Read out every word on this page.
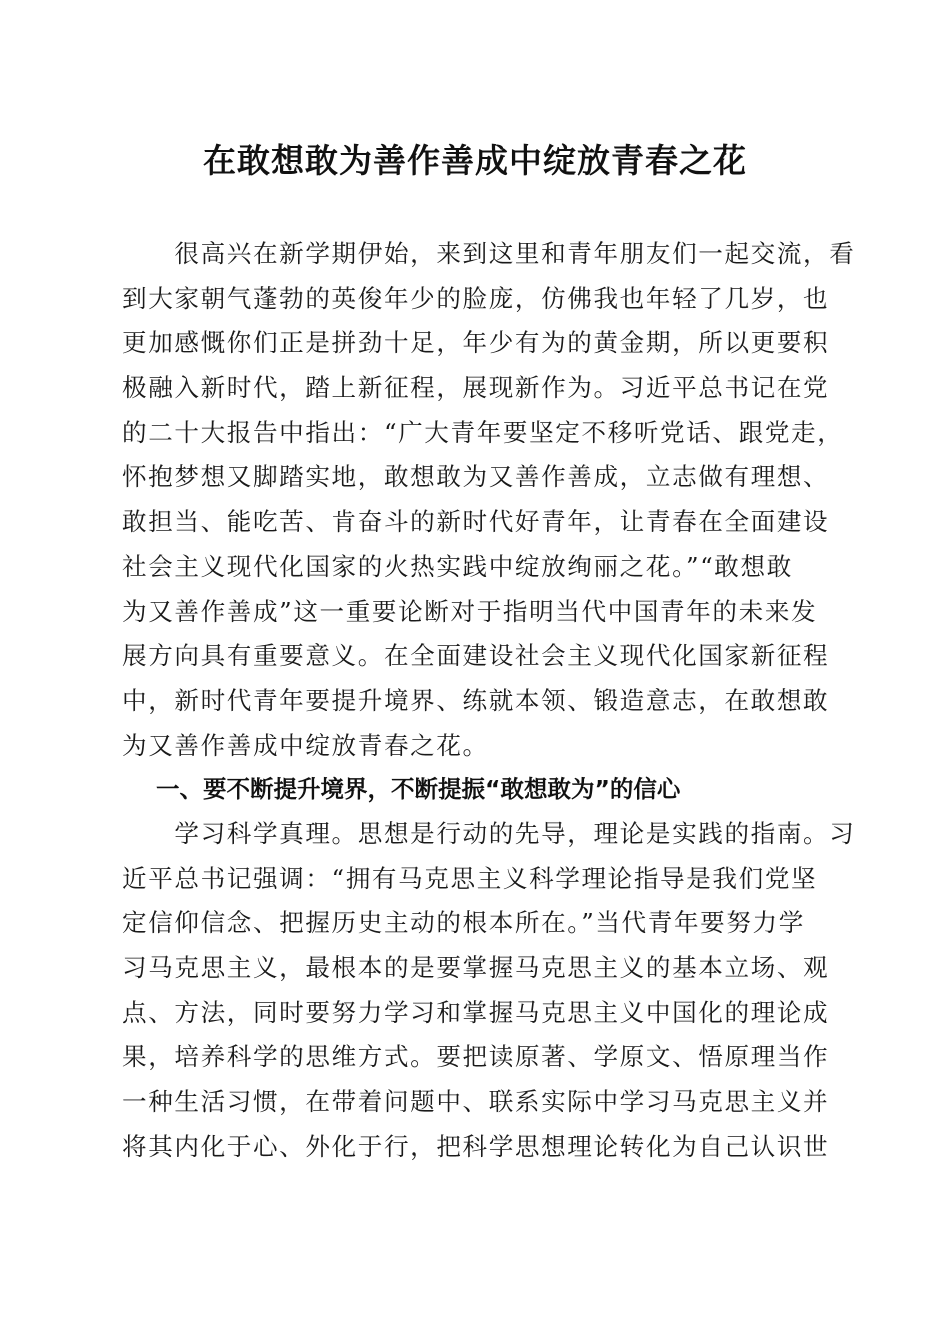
在敢想敢为善作善成中绽放青春之花
　　很高兴在新学期伊始，来到这里和青年朋友们一起交流，看
到大家朝气蓬勃的英俊年少的脸庞，仿佛我也年轻了几岁，也
更加感慨你们正是拼劲十足，年少有为的黄金期，所以更要积
极融入新时代，踏上新征程，展现新作为。习近平总书记在党
的二十大报告中指出：“广大青年要坚定不移听党话、跟党走，
怀抱梦想又脚踏实地，敢想敢为又善作善成，立志做有理想、
敢担当、能吃苦、肯奋斗的新时代好青年，让青春在全面建设
社会主义现代化国家的火热实践中绽放绚丽之花。”“敢想敢
为又善作善成”这一重要论断对于指明当代中国青年的未来发
展方向具有重要意义。在全面建设社会主义现代化国家新征程
中，新时代青年要提升境界、练就本领、锻造意志，在敢想敢
为又善作善成中绽放青春之花。
一、要不断提升境界，不断提振“敢想敢为”的信心
　　学习科学真理。思想是行动的先导，理论是实践的指南。习
近平总书记强调：“拥有马克思主义科学理论指导是我们党坚
定信仰信念、把握历史主动的根本所在。”当代青年要努力学
习马克思主义，最根本的是要掌握马克思主义的基本立场、观
点、方法，同时要努力学习和掌握马克思主义中国化的理论成
果，培养科学的思维方式。要把读原著、学原文、悟原理当作
一种生活习惯，在带着问题中、联系实际中学习马克思主义并
将其内化于心、外化于行，把科学思想理论转化为自己认识世
